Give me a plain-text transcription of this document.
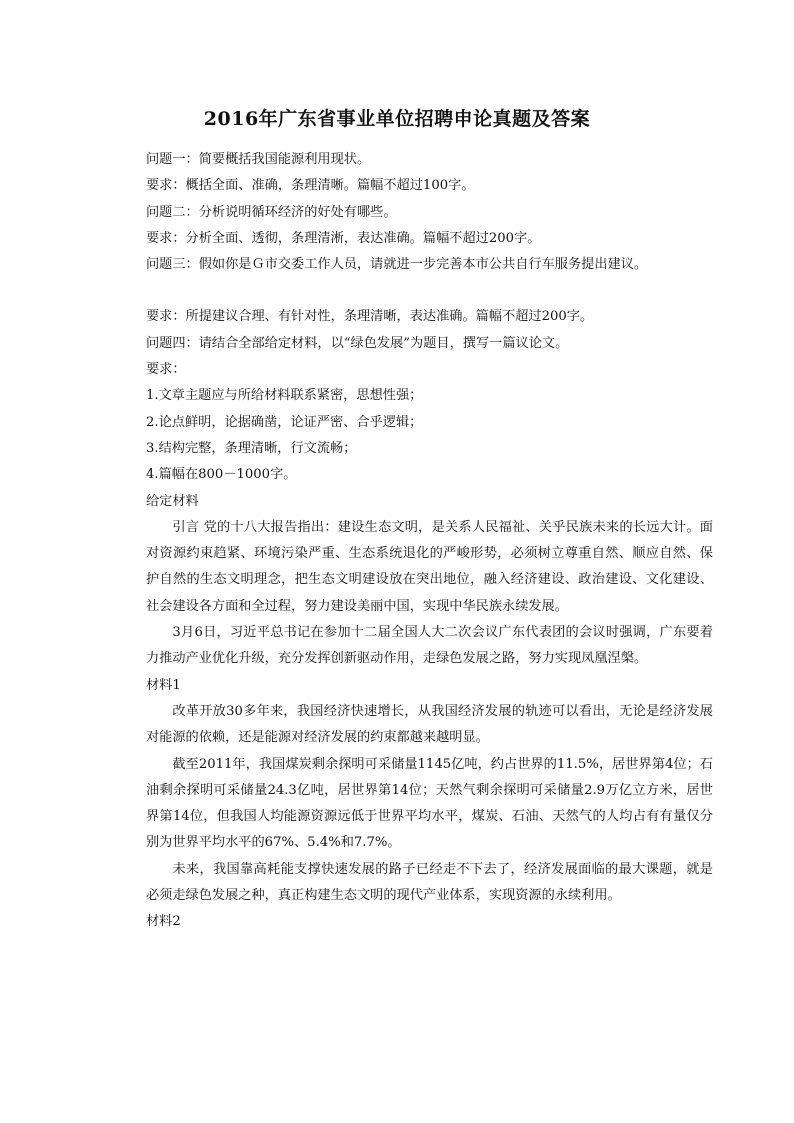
2016年广东省事业单位招聘申论真题及答案

问题一：简要概括我国能源利用现状。

要求：概括全面、准确，条理清晰。篇幅不超过100字。

问题二：分析说明循环经济的好处有哪些。

要求：分析全面、透彻，条理清淅，表达准确。篇幅不超过200字。

问题三：假如你是Ｇ市交委工作人员，请就进一步完善本市公共自行车服务提出建议。

要求：所提建议合理、有针对性，条理清晰，表达准确。篇幅不超过200字。

问题四：请结合全部给定材料，以“绿色发展”为题目，撰写一篇议论文。

要求：

1.文章主题应与所给材料联系紧密，思想性强；

2.论点鲜明，论据确凿，论证严密、合乎逻辑；

3.结构完整，条理清晰，行文流畅；

4.篇幅在800－1000字。

给定材料

引言 党的十八大报告指出：建设生态文明，是关系人民福祉、关乎民族未来的长远大计。面对资源约束趋紧、环境污染严重、生态系统退化的严峻形势，必须树立尊重自然、顺应自然、保护自然的生态文明理念，把生态文明建设放在突出地位，融入经济建设、政治建设、文化建设、社会建设各方面和全过程，努力建设美丽中国，实现中华民族永续发展。

3月6日，习近平总书记在参加十二届全国人大二次会议广东代表团的会议时强调，广东要着力推动产业优化升级，充分发挥创新驱动作用，走绿色发展之路，努力实现凤凰涅槃。

材料1

改革开放30多年来，我国经济快速增长，从我国经济发展的轨迹可以看出，无论是经济发展对能源的依赖，还是能源对经济发展的约束都越来越明显。

截至2011年，我国煤炭剩余探明可采储量1145亿吨，约占世界的11.5%，居世界第4位；石油剩余探明可采储量24.3亿吨，居世界第14位；天然气剩余探明可采储量2.9万亿立方米，居世界第14位，但我国人均能源资源远低于世界平均水平，煤炭、石油、天然气的人均占有有量仅分别为世界平均水平的67%、5.4%和7.7%。

未来，我国靠高耗能支撑快速发展的路子已经走不下去了，经济发展面临的最大课题，就是必须走绿色发展之种，真正构建生态文明的现代产业体系，实现资源的永续利用。

材料2
